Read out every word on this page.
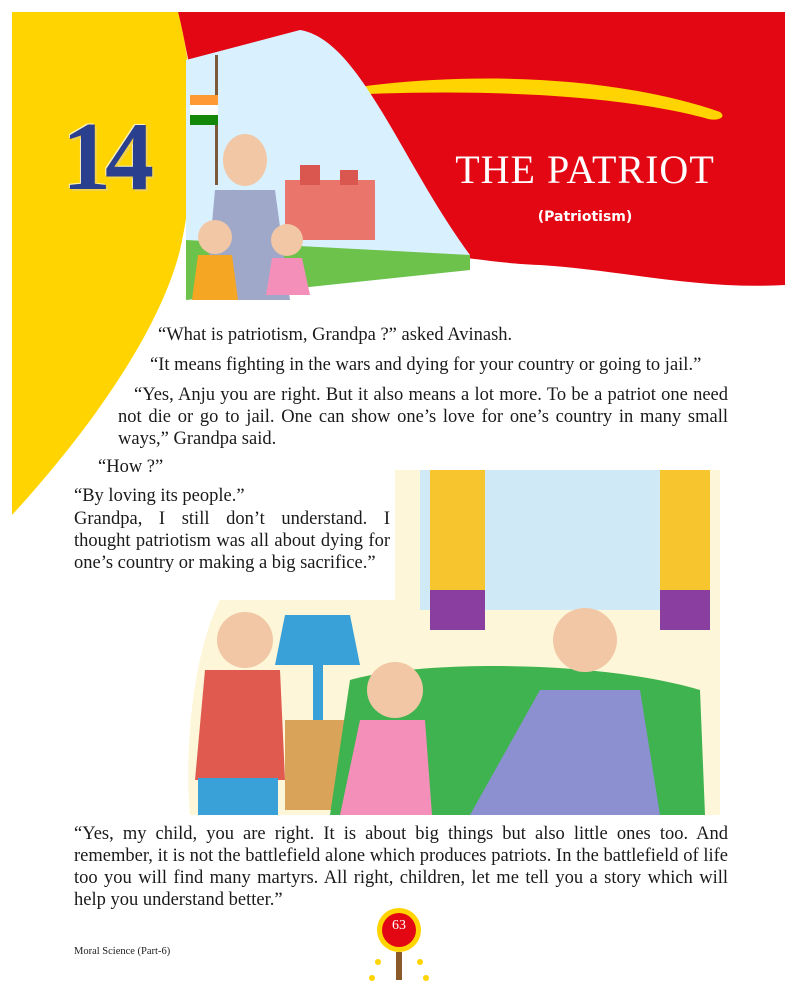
14	THE PATRIOT
(Patriotism)
“What is patriotism, Grandpa ?” asked Avinash.
“It means fighting in the wars and dying for your country or going to jail.”
“Yes, Anju you are right. But it also means a lot more. To be a patriot one need not die or go to jail. One can show one’s love for one’s country in many small ways,” Grandpa said.
“How ?”
“By loving its people.”
Grandpa, I still don’t understand. I thought patriotism was all about dying for one’s country or making a big sacrifice.”
“Yes, my child, you are right. It is about big things but also little ones too. And remember, it is not the battlefield alone which produces patriots. In the battlefield of life too you will find many martyrs. All right, children, let me tell you a story which will help you understand better.”
Moral Science (Part-6)
63
